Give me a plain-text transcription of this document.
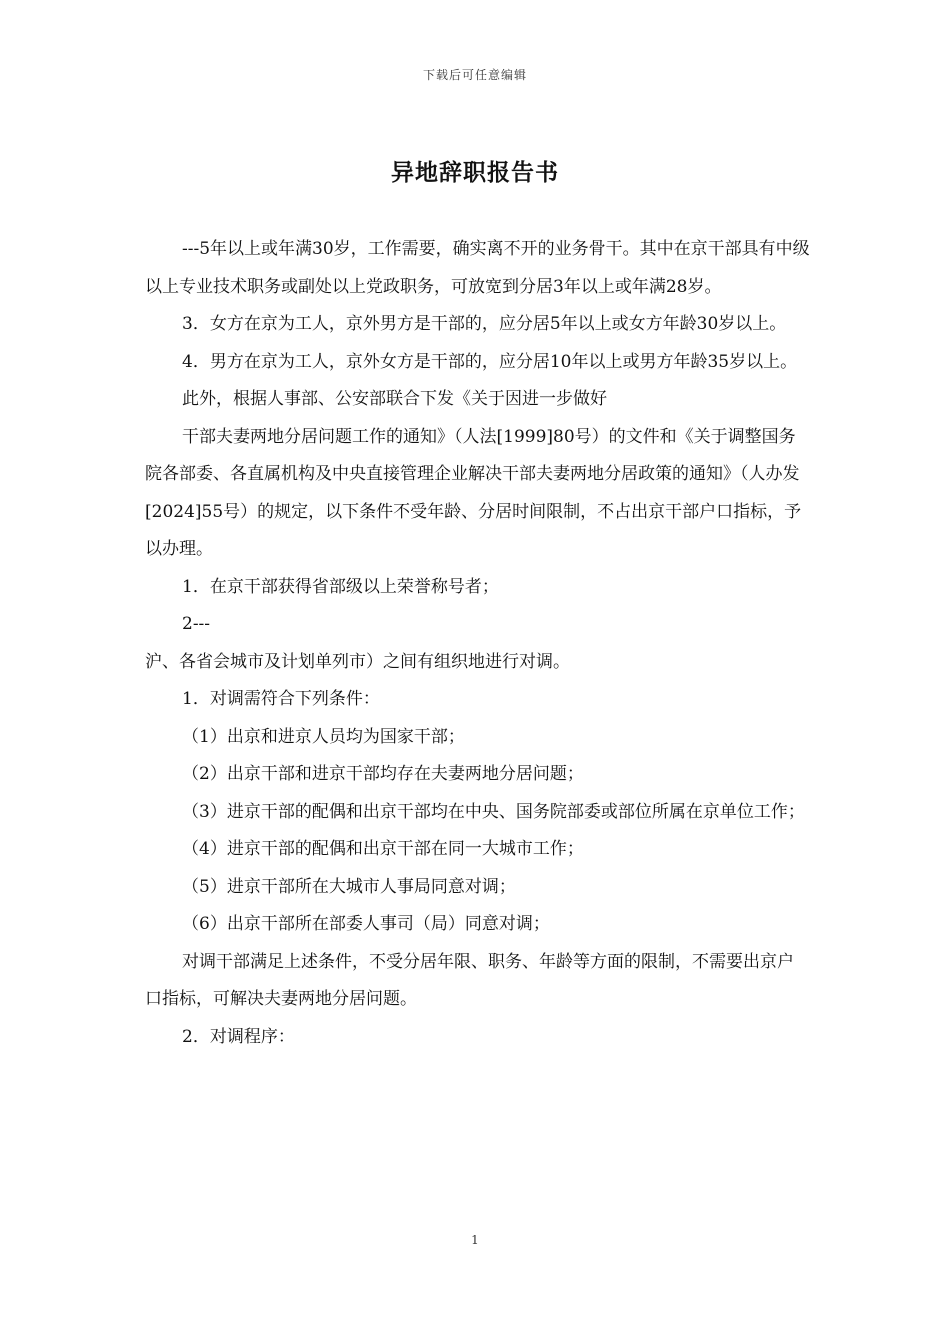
下载后可任意编辑
异地辞职报告书

---5年以上或年满30岁，工作需要，确实离不开的业务骨干。其中在京干部具有中级以上专业技术职务或副处以上党政职务，可放宽到分居3年以上或年满28岁。

3．女方在京为工人，京外男方是干部的，应分居5年以上或女方年龄30岁以上。

4．男方在京为工人，京外女方是干部的，应分居10年以上或男方年龄35岁以上。

此外，根据人事部、公安部联合下发《关于因进一步做好

干部夫妻两地分居问题工作的通知》（人法[1999]80号）的文件和《关于调整国务院各部委、各直属机构及中央直接管理企业解决干部夫妻两地分居政策的通知》（人办发[2024]55号）的规定，以下条件不受年龄、分居时间限制，不占出京干部户口指标，予以办理。

1．在京干部获得省部级以上荣誉称号者；

2---

沪、各省会城市及计划单列市）之间有组织地进行对调。

1．对调需符合下列条件：

（1）出京和进京人员均为国家干部；

（2）出京干部和进京干部均存在夫妻两地分居问题；

（3）进京干部的配偶和出京干部均在中央、国务院部委或部位所属在京单位工作；

（4）进京干部的配偶和出京干部在同一大城市工作；

（5）进京干部所在大城市人事局同意对调；

（6）出京干部所在部委人事司（局）同意对调；

对调干部满足上述条件，不受分居年限、职务、年龄等方面的限制，不需要出京户口指标，可解决夫妻两地分居问题。

2．对调程序：

1
